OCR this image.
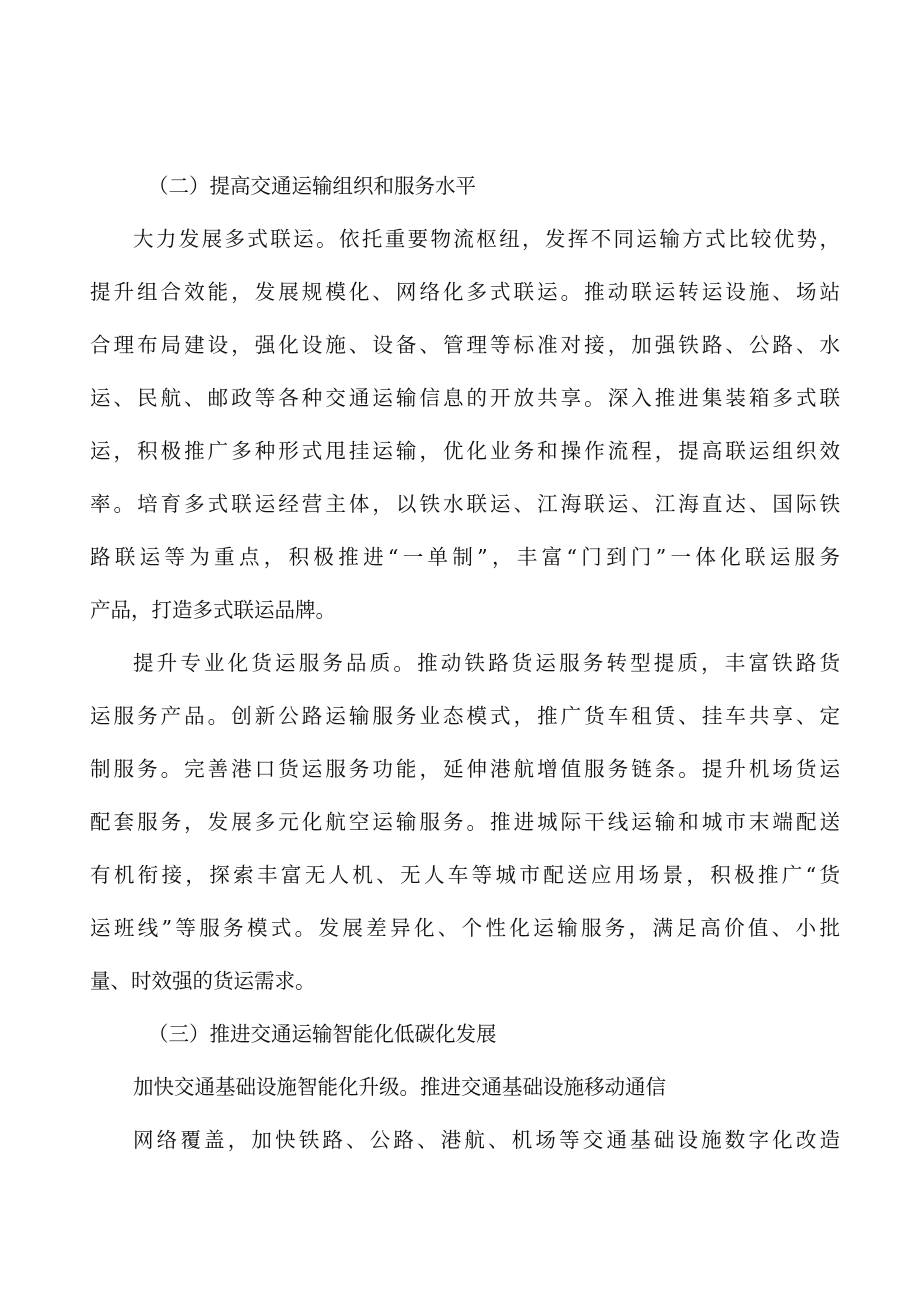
（二）提高交通运输组织和服务水平
大力发展多式联运。依托重要物流枢纽，发挥不同运输方式比较优势，
提升组合效能，发展规模化、网络化多式联运。推动联运转运设施、场站
合理布局建设，强化设施、设备、管理等标准对接，加强铁路、公路、水
运、民航、邮政等各种交通运输信息的开放共享。深入推进集装箱多式联
运，积极推广多种形式甩挂运输，优化业务和操作流程，提高联运组织效
率。培育多式联运经营主体，以铁水联运、江海联运、江海直达、国际铁
路联运等为重点，积极推进“一单制”，丰富“门到门”一体化联运服务
产品，打造多式联运品牌。
提升专业化货运服务品质。推动铁路货运服务转型提质，丰富铁路货
运服务产品。创新公路运输服务业态模式，推广货车租赁、挂车共享、定
制服务。完善港口货运服务功能，延伸港航增值服务链条。提升机场货运
配套服务，发展多元化航空运输服务。推进城际干线运输和城市末端配送
有机衔接，探索丰富无人机、无人车等城市配送应用场景，积极推广“货
运班线”等服务模式。发展差异化、个性化运输服务，满足高价值、小批
量、时效强的货运需求。
（三）推进交通运输智能化低碳化发展
加快交通基础设施智能化升级。推进交通基础设施移动通信
网络覆盖，加快铁路、公路、港航、机场等交通基础设施数字化改造
